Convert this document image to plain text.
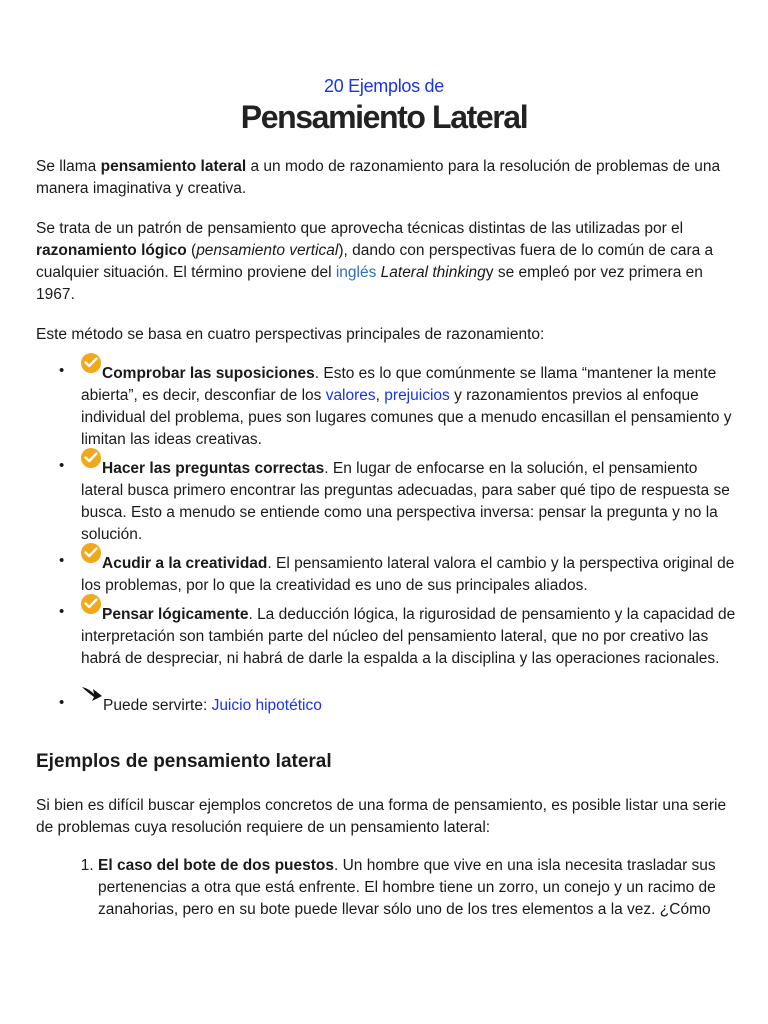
20 Ejemplos de
Pensamiento Lateral

Se llama pensamiento lateral a un modo de razonamiento para la resolución de problemas de una manera imaginativa y creativa.

Se trata de un patrón de pensamiento que aprovecha técnicas distintas de las utilizadas por el razonamiento lógico (pensamiento vertical), dando con perspectivas fuera de lo común de cara a cualquier situación. El término proviene del inglés Lateral thinkingy se empleó por vez primera en 1967.

Este método se basa en cuatro perspectivas principales de razonamiento:

• Comprobar las suposiciones. Esto es lo que comúnmente se llama “mantener la mente abierta”, es decir, desconfiar de los valores, prejuicios y razonamientos previos al enfoque individual del problema, pues son lugares comunes que a menudo encasillan el pensamiento y limitan las ideas creativas.
• Hacer las preguntas correctas. En lugar de enfocarse en la solución, el pensamiento lateral busca primero encontrar las preguntas adecuadas, para saber qué tipo de respuesta se busca. Esto a menudo se entiende como una perspectiva inversa: pensar la pregunta y no la solución.
• Acudir a la creatividad. El pensamiento lateral valora el cambio y la perspectiva original de los problemas, por lo que la creatividad es uno de sus principales aliados.
• Pensar lógicamente. La deducción lógica, la rigurosidad de pensamiento y la capacidad de interpretación son también parte del núcleo del pensamiento lateral, que no por creativo las habrá de despreciar, ni habrá de darle la espalda a la disciplina y las operaciones racionales.
• Puede servirte: Juicio hipotético
Ejemplos de pensamiento lateral

Si bien es difícil buscar ejemplos concretos de una forma de pensamiento, es posible listar una serie de problemas cuya resolución requiere de un pensamiento lateral:

1. El caso del bote de dos puestos. Un hombre que vive en una isla necesita trasladar sus pertenencias a otra que está enfrente. El hombre tiene un zorro, un conejo y un racimo de zanahorias, pero en su bote puede llevar sólo uno de los tres elementos a la vez. ¿Cómo
